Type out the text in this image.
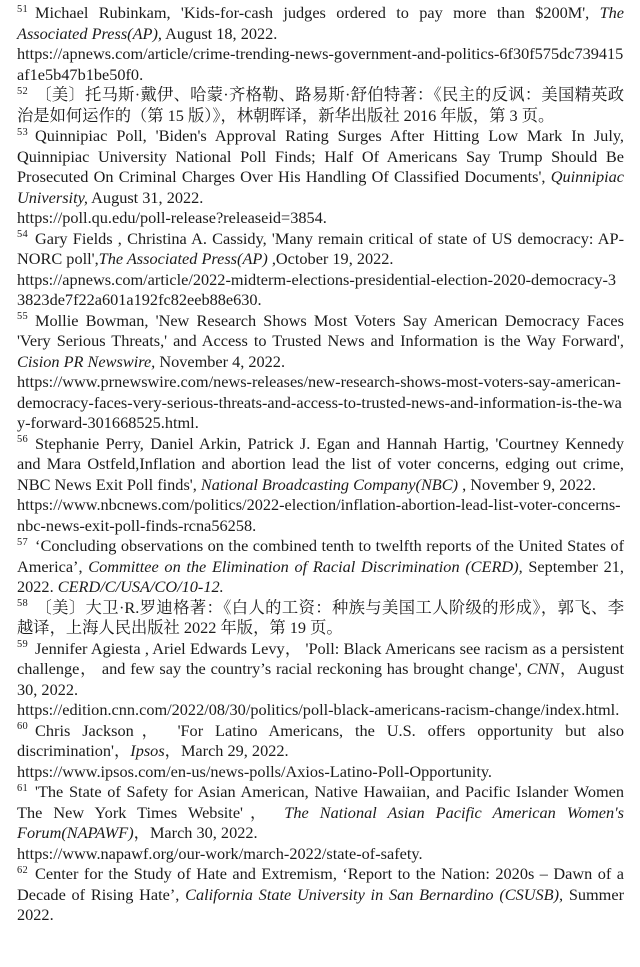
$^{51}$ Michael Rubinkam, 'Kids-for-cash judges ordered to pay more than $200M', The Associated Press(AP), August 18, 2022.
https://apnews.com/article/crime-trending-news-government-and-politics-6f30f575dc739415af1e5b47b1be50f0.

$^{52}$ 〔美〕托马斯·戴伊、哈蒙·齐格勒、路易斯·舒伯特著：《民主的反讽：美国精英政治是如何运作的（第 15 版）》，林朝晖译，新华出版社 2016 年版，第 3 页。

$^{53}$ Quinnipiac Poll, 'Biden's Approval Rating Surges After Hitting Low Mark In July, Quinnipiac University National Poll Finds; Half Of Americans Say Trump Should Be Prosecuted On Criminal Charges Over His Handling Of Classified Documents', Quinnipiac University, August 31, 2022.
https://poll.qu.edu/poll-release?releaseid=3854.

$^{54}$ Gary Fields , Christina A. Cassidy, 'Many remain critical of state of US democracy: AP-NORC poll',The Associated Press(AP) ,October 19, 2022.
https://apnews.com/article/2022-midterm-elections-presidential-election-2020-democracy-33823de7f22a601a192fc82eeb88e630.

$^{55}$ Mollie Bowman, 'New Research Shows Most Voters Say American Democracy Faces 'Very Serious Threats,' and Access to Trusted News and Information is the Way Forward', Cision PR Newswire, November 4, 2022.
https://www.prnewswire.com/news-releases/new-research-shows-most-voters-say-american-democracy-faces-very-serious-threats-and-access-to-trusted-news-and-information-is-the-way-forward-301668525.html.

$^{56}$ Stephanie Perry, Daniel Arkin, Patrick J. Egan and Hannah Hartig, 'Courtney Kennedy and Mara Ostfeld,Inflation and abortion lead the list of voter concerns, edging out crime, NBC News Exit Poll finds', National Broadcasting Company(NBC) , November 9, 2022.
https://www.nbcnews.com/politics/2022-election/inflation-abortion-lead-list-voter-concerns-nbc-news-exit-poll-finds-rcna56258.

$^{57}$ ‘Concluding observations on the combined tenth to twelfth reports of the United States of America’, Committee on the Elimination of Racial Discrimination (CERD), September 21, 2022. CERD/C/USA/CO/10-12.

$^{58}$ 〔美〕大卫·R.罗迪格著：《白人的工资：种族与美国工人阶级的形成》，郭飞、李越译，上海人民出版社 2022 年版，第 19 页。

$^{59}$ Jennifer Agiesta , Ariel Edwards Levy， 'Poll: Black Americans see racism as a persistent challenge， and few say the country’s racial reckoning has brought change', CNN，August 30, 2022.
https://edition.cnn.com/2022/08/30/politics/poll-black-americans-racism-change/index.html.

$^{60}$ Chris Jackson， 'For Latino Americans, the U.S. offers opportunity but also discrimination'，Ipsos，March 29, 2022.
https://www.ipsos.com/en-us/news-polls/Axios-Latino-Poll-Opportunity.

$^{61}$ 'The State of Safety for Asian American, Native Hawaiian, and Pacific Islander Women The New York Times Website'， The National Asian Pacific American Women's Forum(NAPAWF)，March 30, 2022.
https://www.napawf.org/our-work/march-2022/state-of-safety.

$^{62}$ Center for the Study of Hate and Extremism, ‘Report to the Nation: 2020s – Dawn of a Decade of Rising Hate’, California State University in San Bernardino (CSUSB), Summer 2022.
